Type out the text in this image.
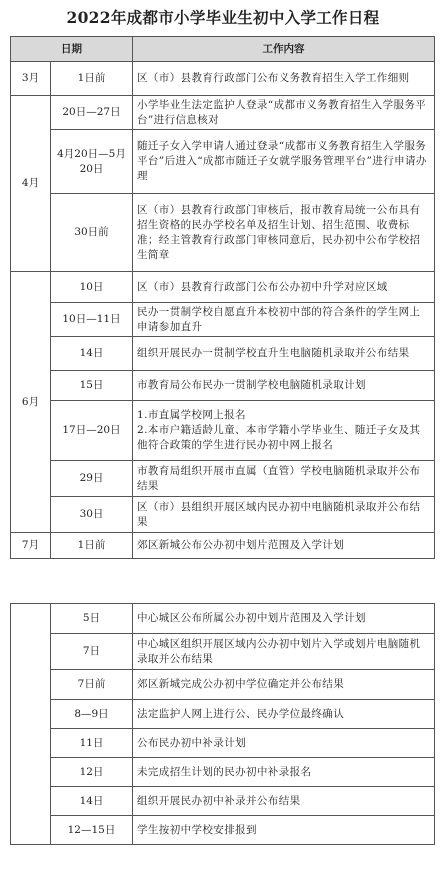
2022年成都市小学毕业生初中入学工作日程
日期		工作内容
3月	1日前	区（市）县教育行政部门公布义务教育招生入学工作细则
4月	20日—27日	小学毕业生法定监护人登录“成都市义务教育招生入学服务平台”进行信息核对
	4月20日—5月20日	随迁子女入学申请人通过登录“成都市义务教育招生入学服务平台”后进入“成都市随迁子女就学服务管理平台”进行申请办理
	30日前	区（市）县教育行政部门审核后，报市教育局统一公布具有招生资格的民办学校名单及招生计划、招生范围、收费标准；经主管教育行政部门审核同意后，民办初中公布学校招生简章
6月	10日	区（市）县教育行政部门公布公办初中升学对应区域
	10日—11日	民办一贯制学校自愿直升本校初中部的符合条件的学生网上申请参加直升
	14日	组织开展民办一贯制学校直升生电脑随机录取并公布结果
	15日	市教育局公布民办一贯制学校电脑随机录取计划
	17日—20日	1.市直属学校网上报名
2.本市户籍适龄儿童、本市学籍小学毕业生、随迁子女及其他符合政策的学生进行民办初中网上报名
	29日	市教育局组织开展市直属（直管）学校电脑随机录取并公布结果
	30日	区（市）县组织开展区域内民办初中电脑随机录取并公布结果
7月	1日前	郊区新城公布公办初中划片范围及入学计划
	5日	中心城区公布所属公办初中划片范围及入学计划
	7日	中心城区组织开展区域内公办初中划片入学或划片电脑随机录取并公布结果
	7日前	郊区新城完成公办初中学位确定并公布结果
	8—9日	法定监护人网上进行公、民办学位最终确认
	11日	公布民办初中补录计划
	12日	未完成招生计划的民办初中补录报名
	14日	组织开展民办初中补录并公布结果
	12—15日	学生按初中学校安排报到
